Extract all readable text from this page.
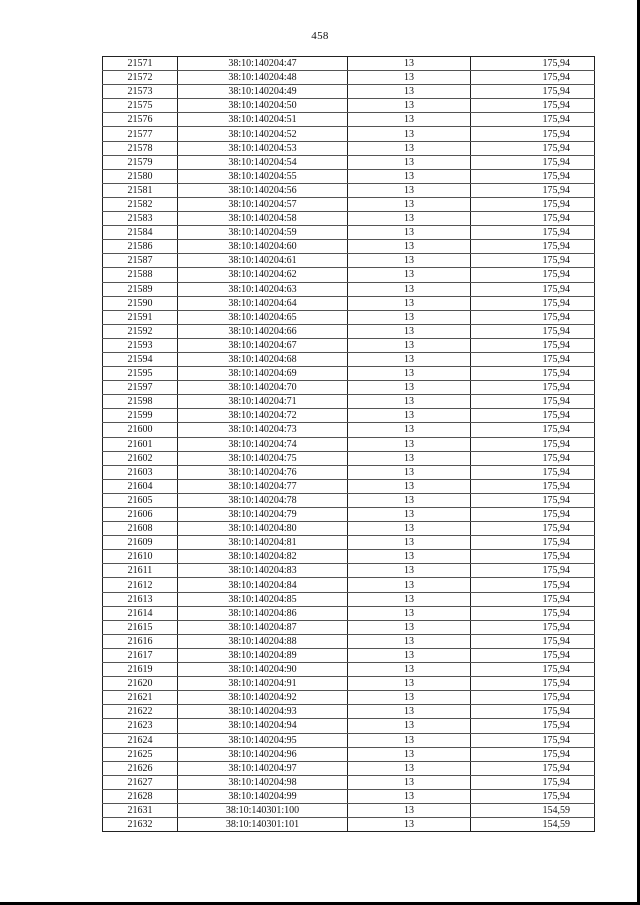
458
21571	38:10:140204:47	13	175,94
21572	38:10:140204:48	13	175,94
21573	38:10:140204:49	13	175,94
21575	38:10:140204:50	13	175,94
21576	38:10:140204:51	13	175,94
21577	38:10:140204:52	13	175,94
21578	38:10:140204:53	13	175,94
21579	38:10:140204:54	13	175,94
21580	38:10:140204:55	13	175,94
21581	38:10:140204:56	13	175,94
21582	38:10:140204:57	13	175,94
21583	38:10:140204:58	13	175,94
21584	38:10:140204:59	13	175,94
21586	38:10:140204:60	13	175,94
21587	38:10:140204:61	13	175,94
21588	38:10:140204:62	13	175,94
21589	38:10:140204:63	13	175,94
21590	38:10:140204:64	13	175,94
21591	38:10:140204:65	13	175,94
21592	38:10:140204:66	13	175,94
21593	38:10:140204:67	13	175,94
21594	38:10:140204:68	13	175,94
21595	38:10:140204:69	13	175,94
21597	38:10:140204:70	13	175,94
21598	38:10:140204:71	13	175,94
21599	38:10:140204:72	13	175,94
21600	38:10:140204:73	13	175,94
21601	38:10:140204:74	13	175,94
21602	38:10:140204:75	13	175,94
21603	38:10:140204:76	13	175,94
21604	38:10:140204:77	13	175,94
21605	38:10:140204:78	13	175,94
21606	38:10:140204:79	13	175,94
21608	38:10:140204:80	13	175,94
21609	38:10:140204:81	13	175,94
21610	38:10:140204:82	13	175,94
21611	38:10:140204:83	13	175,94
21612	38:10:140204:84	13	175,94
21613	38:10:140204:85	13	175,94
21614	38:10:140204:86	13	175,94
21615	38:10:140204:87	13	175,94
21616	38:10:140204:88	13	175,94
21617	38:10:140204:89	13	175,94
21619	38:10:140204:90	13	175,94
21620	38:10:140204:91	13	175,94
21621	38:10:140204:92	13	175,94
21622	38:10:140204:93	13	175,94
21623	38:10:140204:94	13	175,94
21624	38:10:140204:95	13	175,94
21625	38:10:140204:96	13	175,94
21626	38:10:140204:97	13	175,94
21627	38:10:140204:98	13	175,94
21628	38:10:140204:99	13	175,94
21631	38:10:140301:100	13	154,59
21632	38:10:140301:101	13	154,59
